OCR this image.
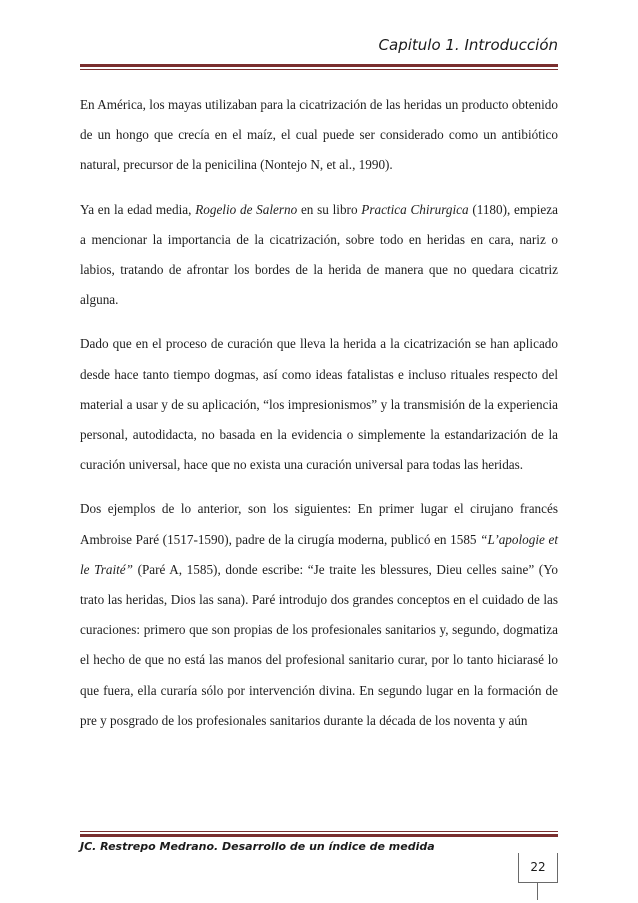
Capitulo 1. Introducción

En América, los mayas utilizaban para la cicatrización de las heridas un producto obtenido de un hongo que crecía en el maíz, el cual puede ser considerado como un antibiótico natural, precursor de la penicilina (Nontejo N, et al., 1990).

Ya en la edad media, Rogelio de Salerno en su libro Practica Chirurgica (1180), empieza a mencionar la importancia de la cicatrización, sobre todo en heridas en cara, nariz o labios, tratando de afrontar los bordes de la herida de manera que no quedara cicatriz alguna.

Dado que en el proceso de curación que lleva la herida a la cicatrización se han aplicado desde hace tanto tiempo dogmas, así como ideas fatalistas e incluso rituales respecto del material a usar y de su aplicación, “los impresionismos” y la transmisión de la experiencia personal, autodidacta, no basada en la evidencia o simplemente la estandarización de la curación universal, hace que no exista una curación universal para todas las heridas.

Dos ejemplos de lo anterior, son los siguientes: En primer lugar el cirujano francés Ambroise Paré (1517-1590), padre de la cirugía moderna, publicó en 1585 “L’apologie et le Traité” (Paré A, 1585), donde escribe: “Je traite les blessures, Dieu celles saine” (Yo trato las heridas, Dios las sana). Paré introdujo dos grandes conceptos en el cuidado de las curaciones: primero que son propias de los profesionales sanitarios y, segundo, dogmatiza el hecho de que no está las manos del profesional sanitario curar, por lo tanto hiciarasé lo que fuera, ella curaría sólo por intervención divina. En segundo lugar en la formación de pre y posgrado de los profesionales sanitarios durante la década de los noventa y aún

JC. Restrepo Medrano. Desarrollo de un índice de medida
22
